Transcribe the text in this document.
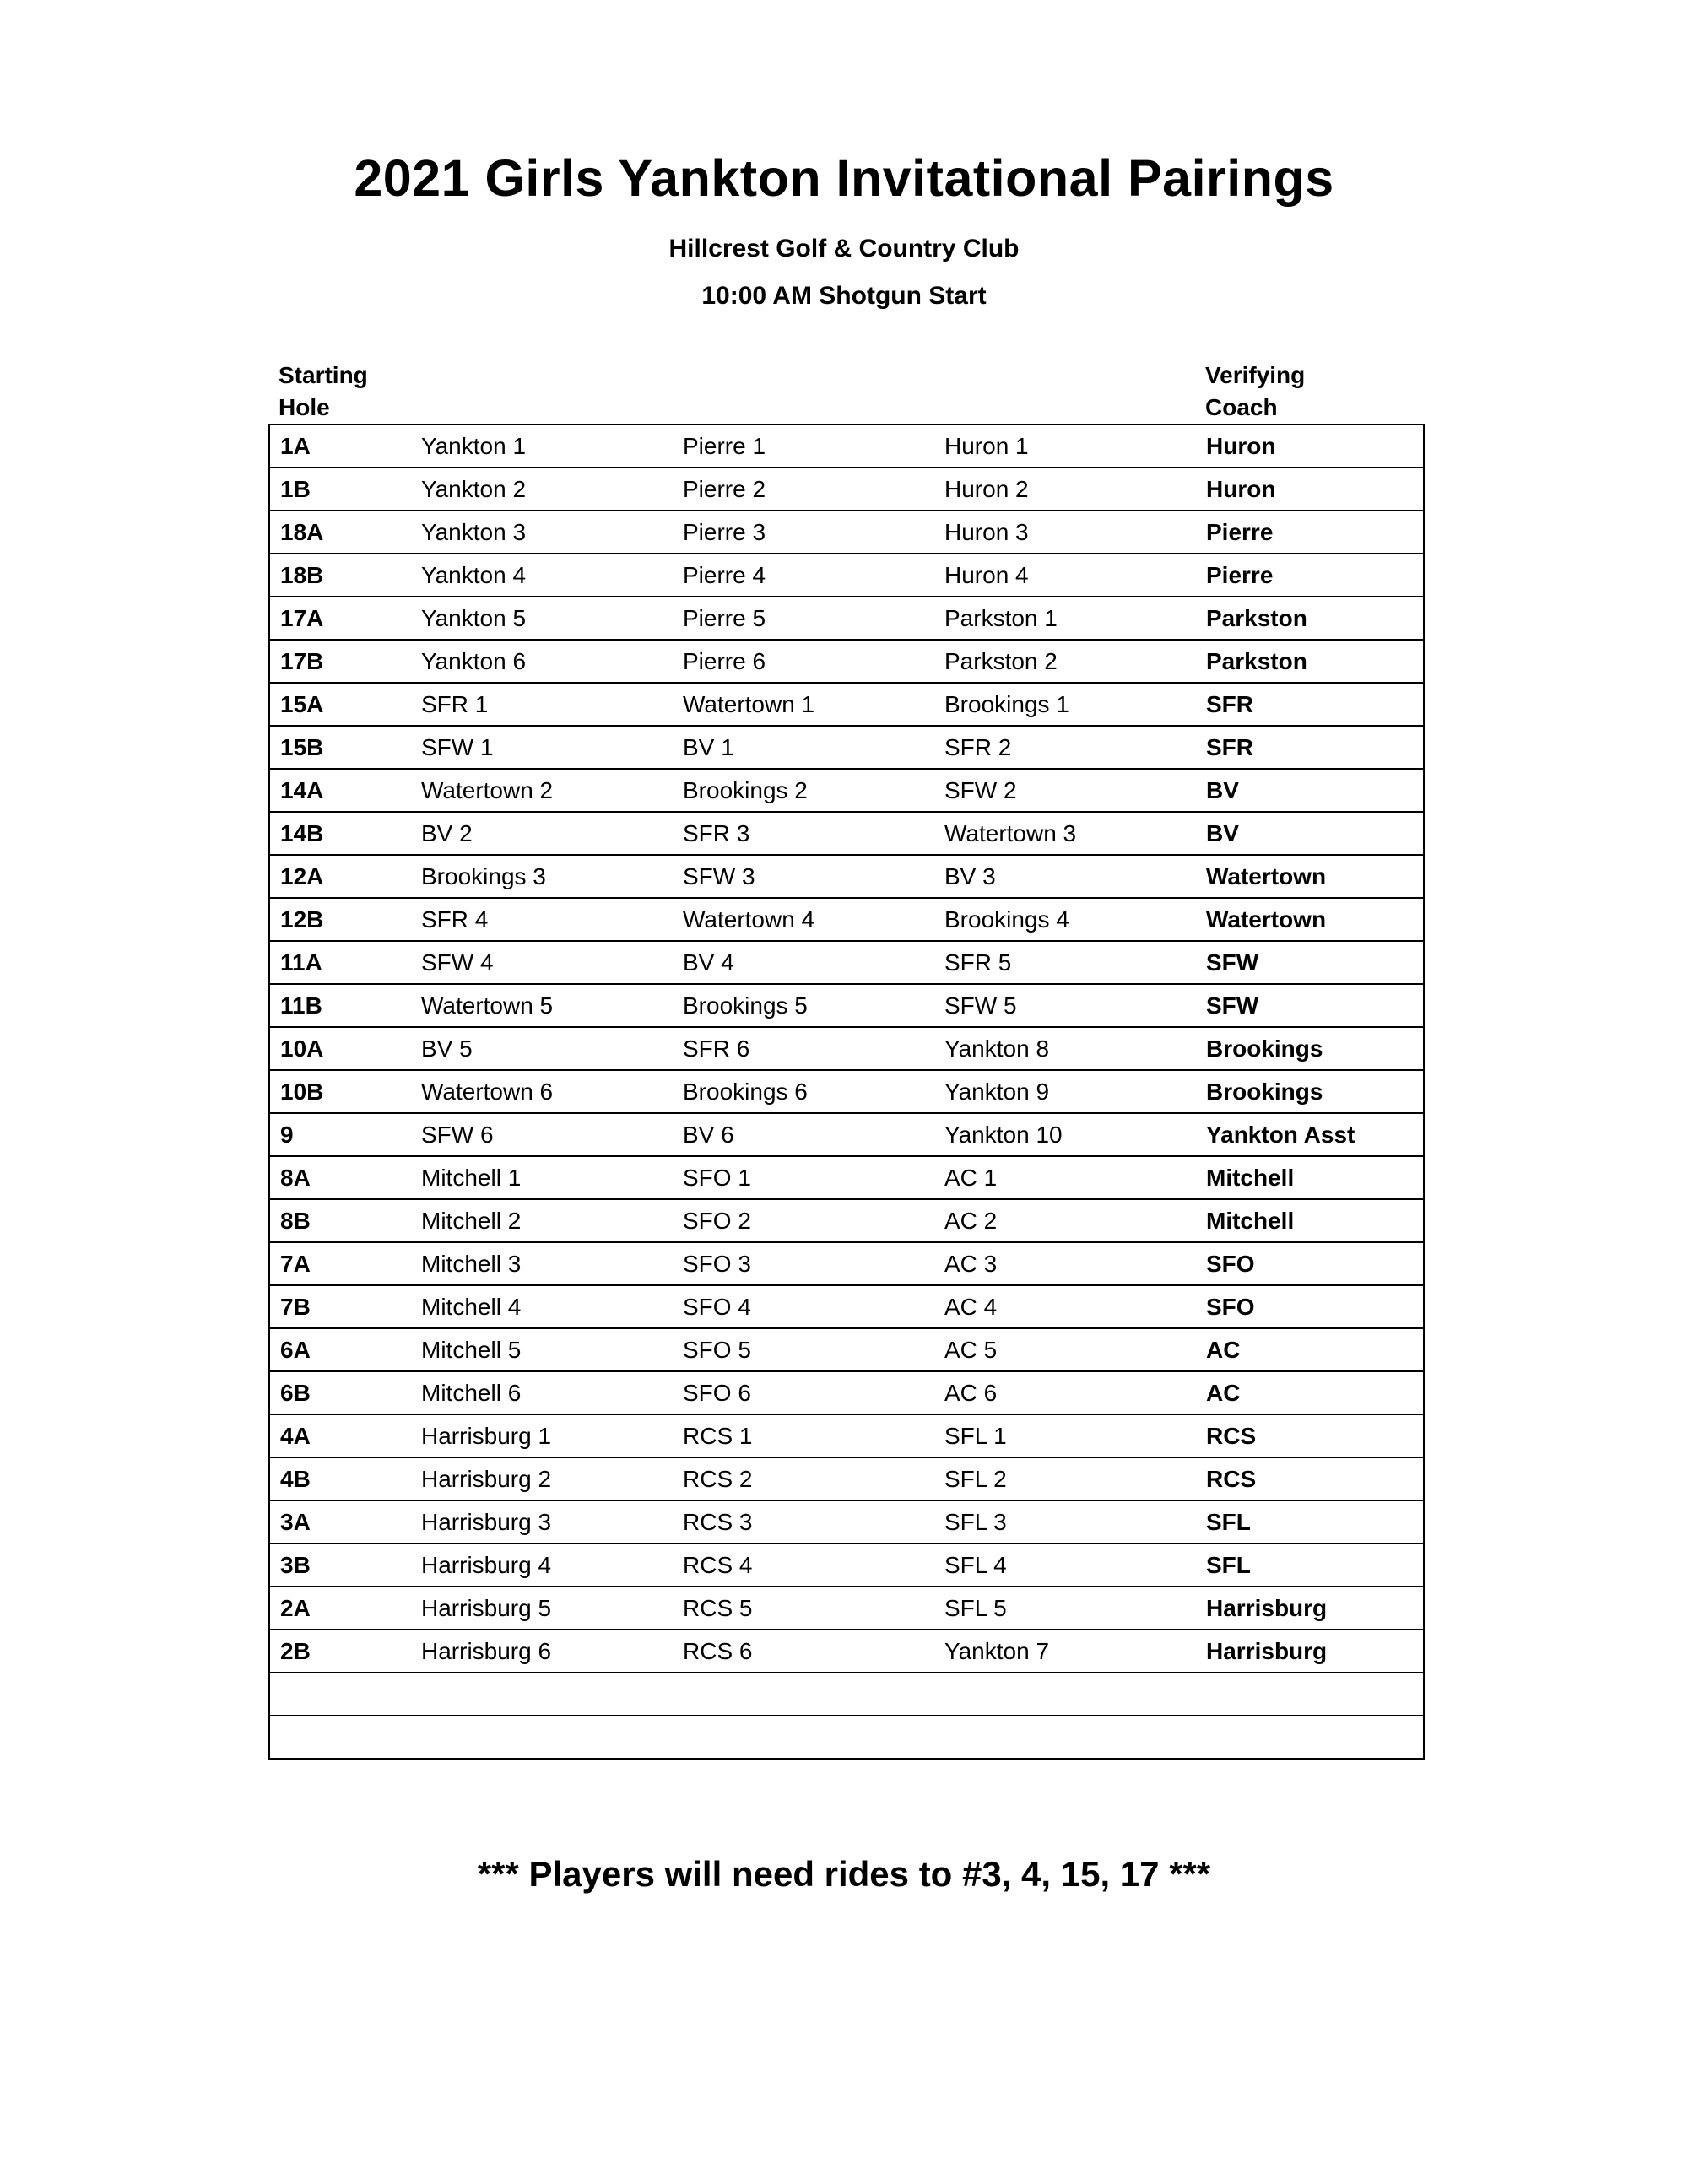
2021 Girls Yankton Invitational Pairings
Hillcrest Golf & Country Club
10:00 AM Shotgun Start
Starting
Hole
Verifying
Coach
1A	Yankton 1	Pierre 1	Huron 1	Huron
1B	Yankton 2	Pierre 2	Huron 2	Huron
18A	Yankton 3	Pierre 3	Huron 3	Pierre
18B	Yankton 4	Pierre 4	Huron 4	Pierre
17A	Yankton 5	Pierre 5	Parkston 1	Parkston
17B	Yankton 6	Pierre 6	Parkston 2	Parkston
15A	SFR 1	Watertown 1	Brookings 1	SFR
15B	SFW 1	BV 1	SFR 2	SFR
14A	Watertown 2	Brookings 2	SFW 2	BV
14B	BV 2	SFR 3	Watertown 3	BV
12A	Brookings 3	SFW 3	BV 3	Watertown
12B	SFR 4	Watertown 4	Brookings 4	Watertown
11A	SFW 4	BV 4	SFR 5	SFW
11B	Watertown 5	Brookings 5	SFW 5	SFW
10A	BV 5	SFR 6	Yankton 8	Brookings
10B	Watertown 6	Brookings 6	Yankton 9	Brookings
9	SFW 6	BV 6	Yankton 10	Yankton Asst
8A	Mitchell 1	SFO 1	AC 1	Mitchell
8B	Mitchell 2	SFO 2	AC 2	Mitchell
7A	Mitchell 3	SFO 3	AC 3	SFO
7B	Mitchell 4	SFO 4	AC 4	SFO
6A	Mitchell 5	SFO 5	AC 5	AC
6B	Mitchell 6	SFO 6	AC 6	AC
4A	Harrisburg 1	RCS 1	SFL 1	RCS
4B	Harrisburg 2	RCS 2	SFL 2	RCS
3A	Harrisburg 3	RCS 3	SFL 3	SFL
3B	Harrisburg 4	RCS 4	SFL 4	SFL
2A	Harrisburg 5	RCS 5	SFL 5	Harrisburg
2B	Harrisburg 6	RCS 6	Yankton 7	Harrisburg

*** Players will need rides to #3, 4, 15, 17 ***
